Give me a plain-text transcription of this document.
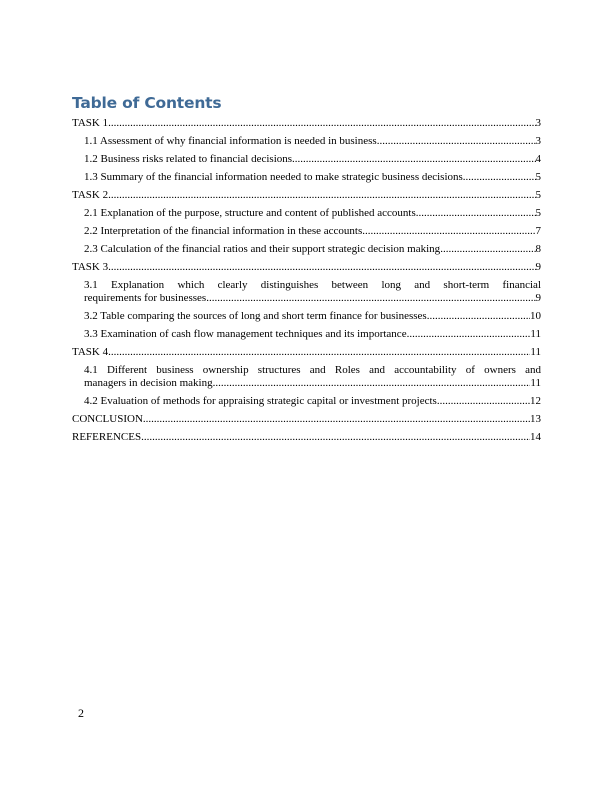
Table of Contents
TASK 1 .....	3
1.1 Assessment of why financial information is needed in business .....	3
1.2 Business risks related to financial decisions .....	4
1.3 Summary of the financial information needed to make strategic business decisions .....	5
TASK 2 .....	5
2.1 Explanation of the purpose, structure and content of published accounts .....	5
2.2 Interpretation of the financial information in these accounts .....	7
2.3 Calculation of the financial ratios and their support strategic decision making .....	8
TASK 3 .....	9
3.1 Explanation which clearly distinguishes between long and short-term financial
requirements for businesses .....	9
3.2 Table comparing the sources of long and short term finance for businesses .....	10
3.3 Examination of cash flow management techniques and its importance .....	11
TASK 4 .....	11
4.1 Different business ownership structures and Roles and accountability of owners and
managers in decision making .....	11
4.2 Evaluation of methods for appraising strategic capital or investment projects .....	12
CONCLUSION .....	13
REFERENCES .....	14
2
